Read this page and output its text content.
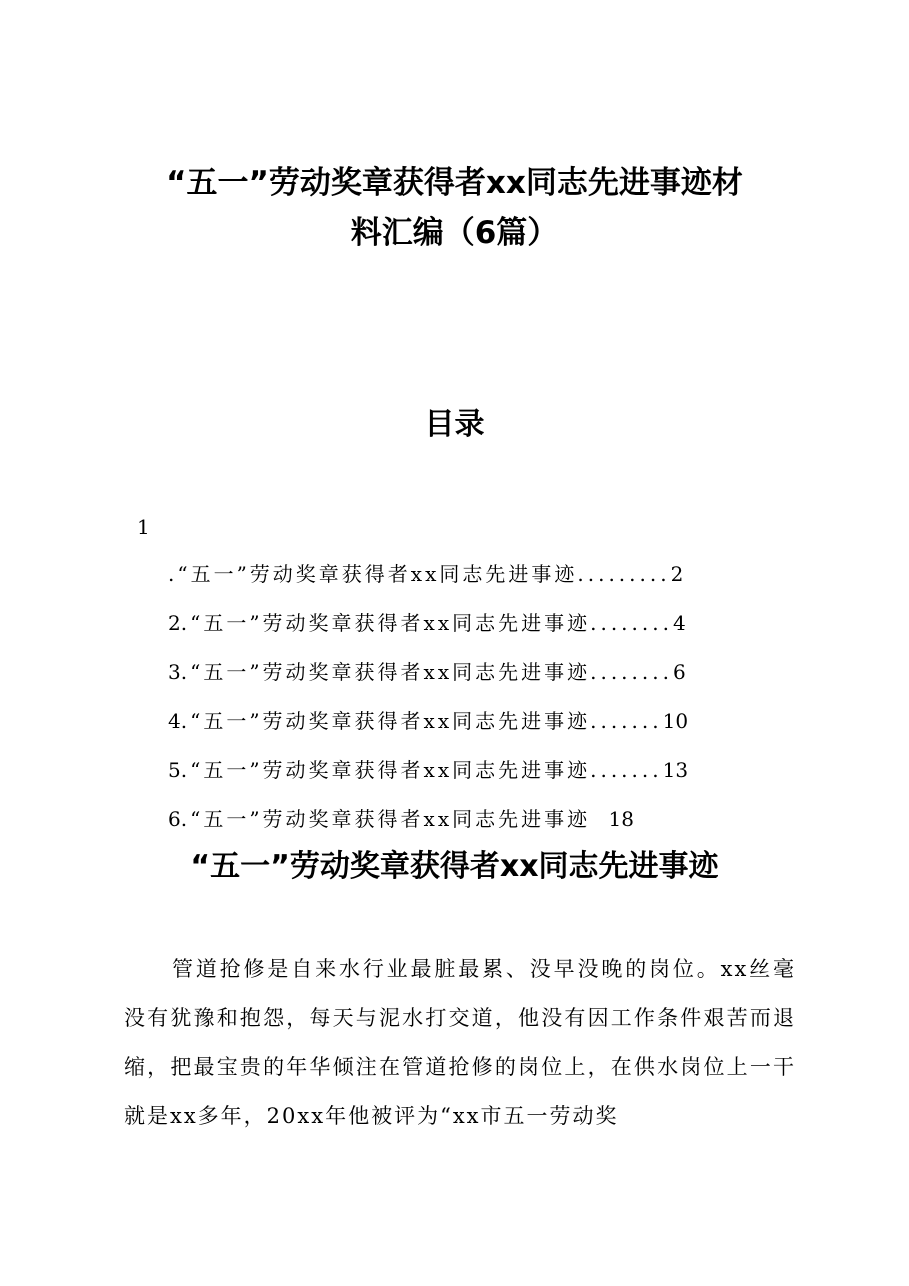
“五一”劳动奖章获得者xx同志先进事迹材
料汇编（6篇）
目录
1
.“五一”劳动奖章获得者xx同志先进事迹.........2
2.“五一”劳动奖章获得者xx同志先进事迹........4
3.“五一”劳动奖章获得者xx同志先进事迹........6
4.“五一”劳动奖章获得者xx同志先进事迹.......10
5.“五一”劳动奖章获得者xx同志先进事迹.......13
6.“五一”劳动奖章获得者xx同志先进事迹 18
“五一”劳动奖章获得者xx同志先进事迹

管道抢修是自来水行业最脏最累、没早没晚的岗位。xx丝毫没有犹豫和抱怨，每天与泥水打交道，他没有因工作条件艰苦而退缩，把最宝贵的年华倾注在管道抢修的岗位上，在供水岗位上一干就是xx多年，20xx年他被评为“xx市五一劳动奖
